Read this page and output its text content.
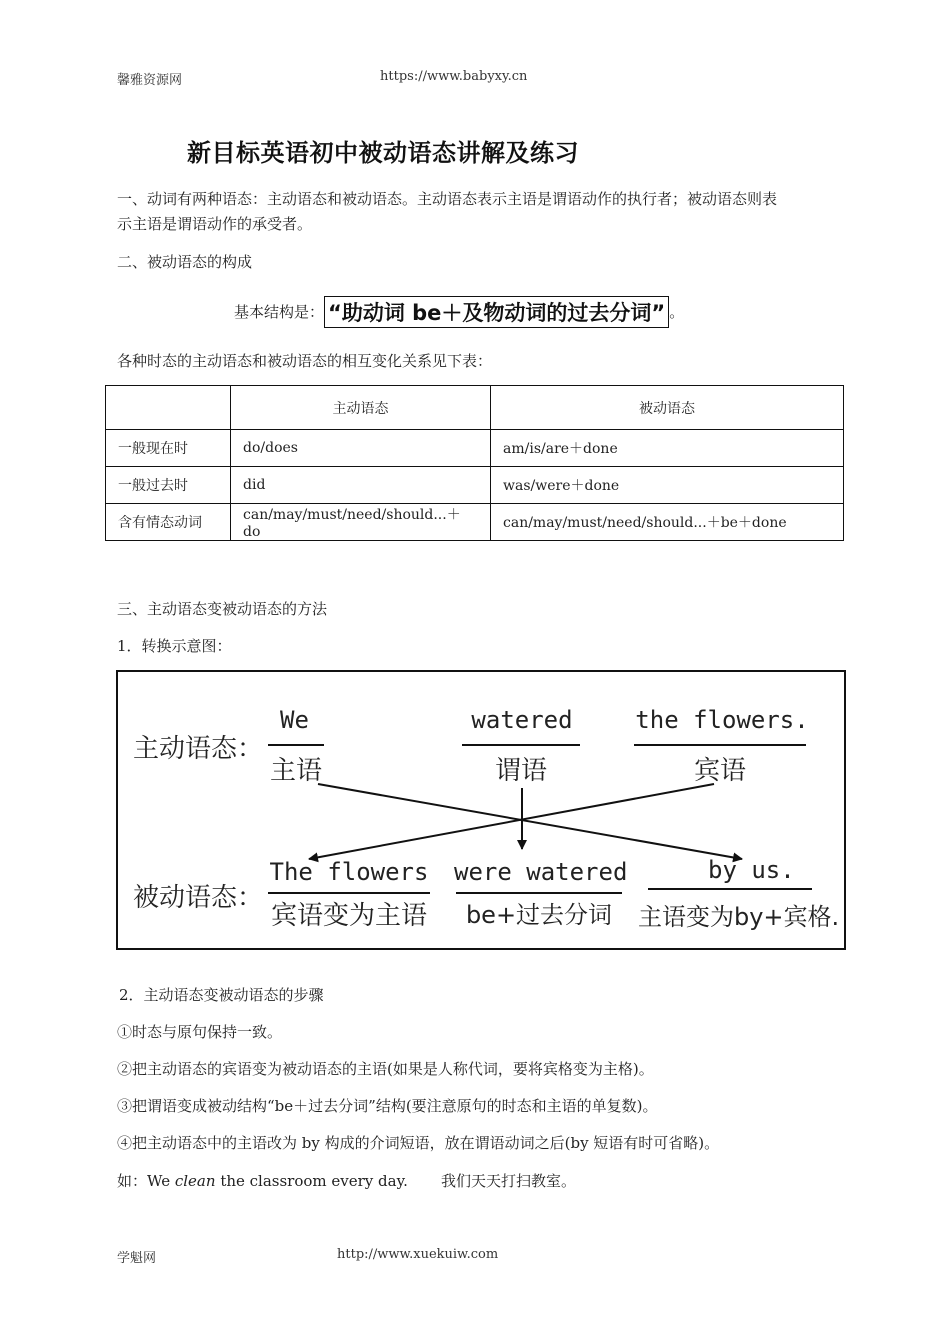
馨雅资源网	https://www.babyxy.cn
新目标英语初中被动语态讲解及练习
一、动词有两种语态：主动语态和被动语态。主动语态表示主语是谓语动作的执行者；被动语态则表
示主语是谓语动作的承受者。
二、被动语态的构成
基本结构是： “助动词 be＋及物动词的过去分词” 。
各种时态的主动语态和被动语态的相互变化关系见下表：
	主动语态	被动语态
一般现在时	do/does	am/is/are＋done
一般过去时	did	was/were＋done
含有情态动词	can/may/must/need/should...＋do	can/may/must/need/should...＋be＋done
三、主动语态变被动语态的方法
1．转换示意图：
主动语态：
被动语态：
We
主语
watered
谓语
the flowers.
宾语
The flowers
宾语变为主语
were watered
be+过去分词
by us.
主语变为by+宾格.
2．主动语态变被动语态的步骤
①时态与原句保持一致。
②把主动语态的宾语变为被动语态的主语(如果是人称代词，要将宾格变为主格)。
③把谓语变成被动结构“be＋过去分词”结构(要注意原句的时态和主语的单复数)。
④把主动语态中的主语改为 by 构成的介词短语，放在谓语动词之后(by 短语有时可省略)。
如：We clean the classroom every day. 我们天天打扫教室。
学魁网	http://www.xuekuiw.com
